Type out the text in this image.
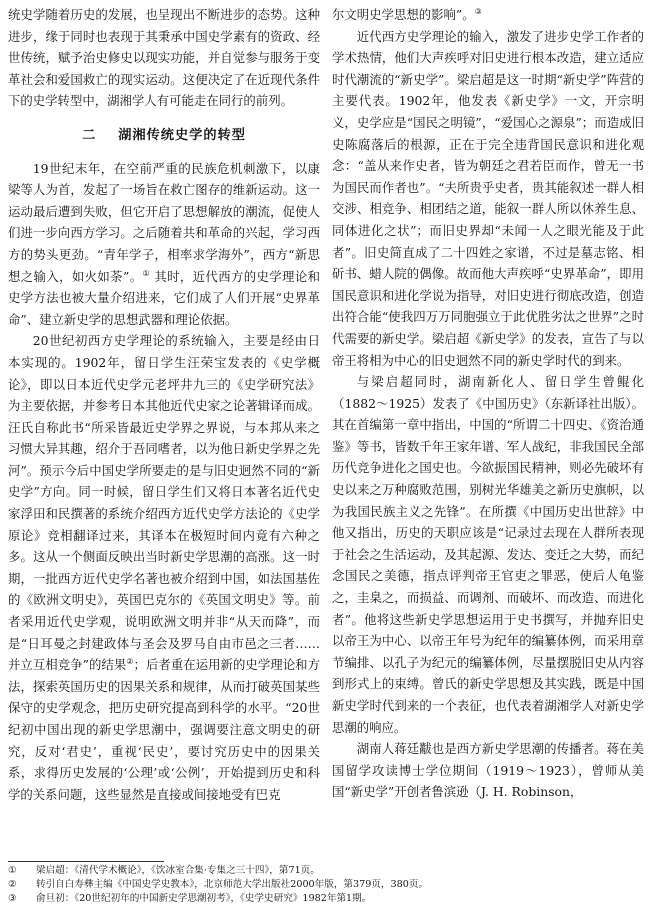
统史学随着历史的发展，也呈现出不断进步的态势。这种进步，缘于同时也表现于其秉承中国史学素有的资政、经世传统，赋予治史修史以现实功能，并自觉参与服务于变革社会和爱国救亡的现实运动。这便决定了在近现代条件下的史学转型中，湖湘学人有可能走在同行的前列。

二 湖湘传统史学的转型

19世纪末年，在空前严重的民族危机刺激下，以康梁等人为首，发起了一场旨在救亡图存的维新运动。这一运动最后遭到失败，但它开启了思想解放的潮流，促使人们进一步向西方学习。之后随着共和革命的兴起，学习西方的势头更劲。“青年学子，相率求学海外”，西方“新思想之输入，如火如荼”。① 其时，近代西方的史学理论和史学方法也被大量介绍进来，它们成了人们开展“史界革命”、建立新史学的思想武器和理论依据。

20世纪初西方史学理论的系统输入，主要是经由日本实现的。1902年，留日学生汪荣宝发表的《史学概论》，即以日本近代史学元老坪井九三的《史学研究法》为主要依据，并参考日本其他近代史家之论著辑译而成。汪氏自称此书“所采皆最近史学界之界说，与本邦从来之习惯大异其趣，绍介于吾同嗜者，以为他日新史学界之先河”。预示今后中国史学所要走的是与旧史迥然不同的“新史学”方向。同一时候，留日学生们又将日本著名近代史家浮田和民撰著的系统介绍西方近代史学方法论的《史学原论》竞相翻译过来，其译本在极短时间内竟有六种之多。这从一个侧面反映出当时新史学思潮的高涨。这一时期，一批西方近代史学名著也被介绍到中国，如法国基佐的《欧洲文明史》，英国巴克尔的《英国文明史》等。前者采用近代史学观，说明欧洲文明并非“从天而降”，而是“日耳曼之封建政体与圣会及罗马自由市邑之三者……并立互相竞争”的结果②；后者重在运用新的史学理论和方法，探索英国历史的因果关系和规律，从而打破英国某些保守的史学观念，把历史研究提高到科学的水平。“20世纪初中国出现的新史学思潮中，强调要注意文明史的研究，反对‘君史’，重视‘民史’，要讨究历史中的因果关系，求得历史发展的‘公理’或‘公例’，开始提到历史和科学的关系问题，这些显然是直接或间接地受有巴克

尔文明史学思想的影响”。③

近代西方史学理论的输入，激发了进步史学工作者的学术热情，他们大声疾呼对旧史进行根本改造，建立适应时代潮流的“新史学”。梁启超是这一时期“新史学”阵营的主要代表。1902年，他发表《新史学》一文，开宗明义，史学应是“国民之明镜”，“爱国心之源泉”；而造成旧史陈腐落后的根源，正在于完全违背国民意识和进化观念：“盖从来作史者，皆为朝廷之君若臣而作，曾无一书为国民而作者也”。“夫所贵乎史者，贵其能叙述一群人相交涉、相竞争、相团结之道，能叙一群人所以休养生息、同体进化之状”；而旧史界却“未闻一人之眼光能及于此者”。旧史简直成了二十四姓之家谱，不过是墓志铭、相斫书、蜡人院的偶像。故而他大声疾呼“史界革命”，即用国民意识和进化学说为指导，对旧史进行彻底改造，创造出符合能“使我四万万同胞强立于此优胜劣汰之世界”之时代需要的新史学。梁启超《新史学》的发表，宣告了与以帝王将相为中心的旧史迥然不同的新史学时代的到来。

与梁启超同时，湖南新化人、留日学生曾鲲化（1882～1925）发表了《中国历史》（东新译社出版）。其在首编第一章中指出，中国的“所谓二十四史、《资治通鉴》等书，皆数千年王家年谱、军人战纪，非我国民全部历代竞争进化之国史也。今欲振国民精神，则必先破坏有史以来之万种腐败范围，别树光华雄美之新历史旗帜，以为我国民族主义之先锋”。在所撰《中国历史出世辞》中他又指出，历史的天职应该是“记录过去现在人群所表现于社会之生活运动，及其起源、发达、变迁之大势，而纪念国民之美德，指点评判帝王官吏之罪恶，使后人龟鉴之，圭臬之，而损益、而调剂、而破坏、而改造、而进化者”。他将这些新史学思想运用于史书撰写，并抛弃旧史以帝王为中心、以帝王年号为纪年的编纂体例，而采用章节编排、以孔子为纪元的编纂体例，尽量摆脱旧史从内容到形式上的束缚。曾氏的新史学思想及其实践，既是中国新史学时代到来的一个表征，也代表着湖湘学人对新史学思潮的响应。

湖南人蒋廷黻也是西方新史学思潮的传播者。蒋在美国留学攻读博士学位期间（1919～1923），曾师从美国“新史学”开创者鲁滨逊（J. H. Robinson，

① 梁启超：《清代学术概论》，《饮冰室合集·专集之三十四》，第71页。
② 转引自白寿彝主编《中国史学史教本》，北京师范大学出版社2000年版，第379页，380页。
③ 俞旦初：《20世纪初年的中国新史学思潮初考》，《史学史研究》1982年第1期。
